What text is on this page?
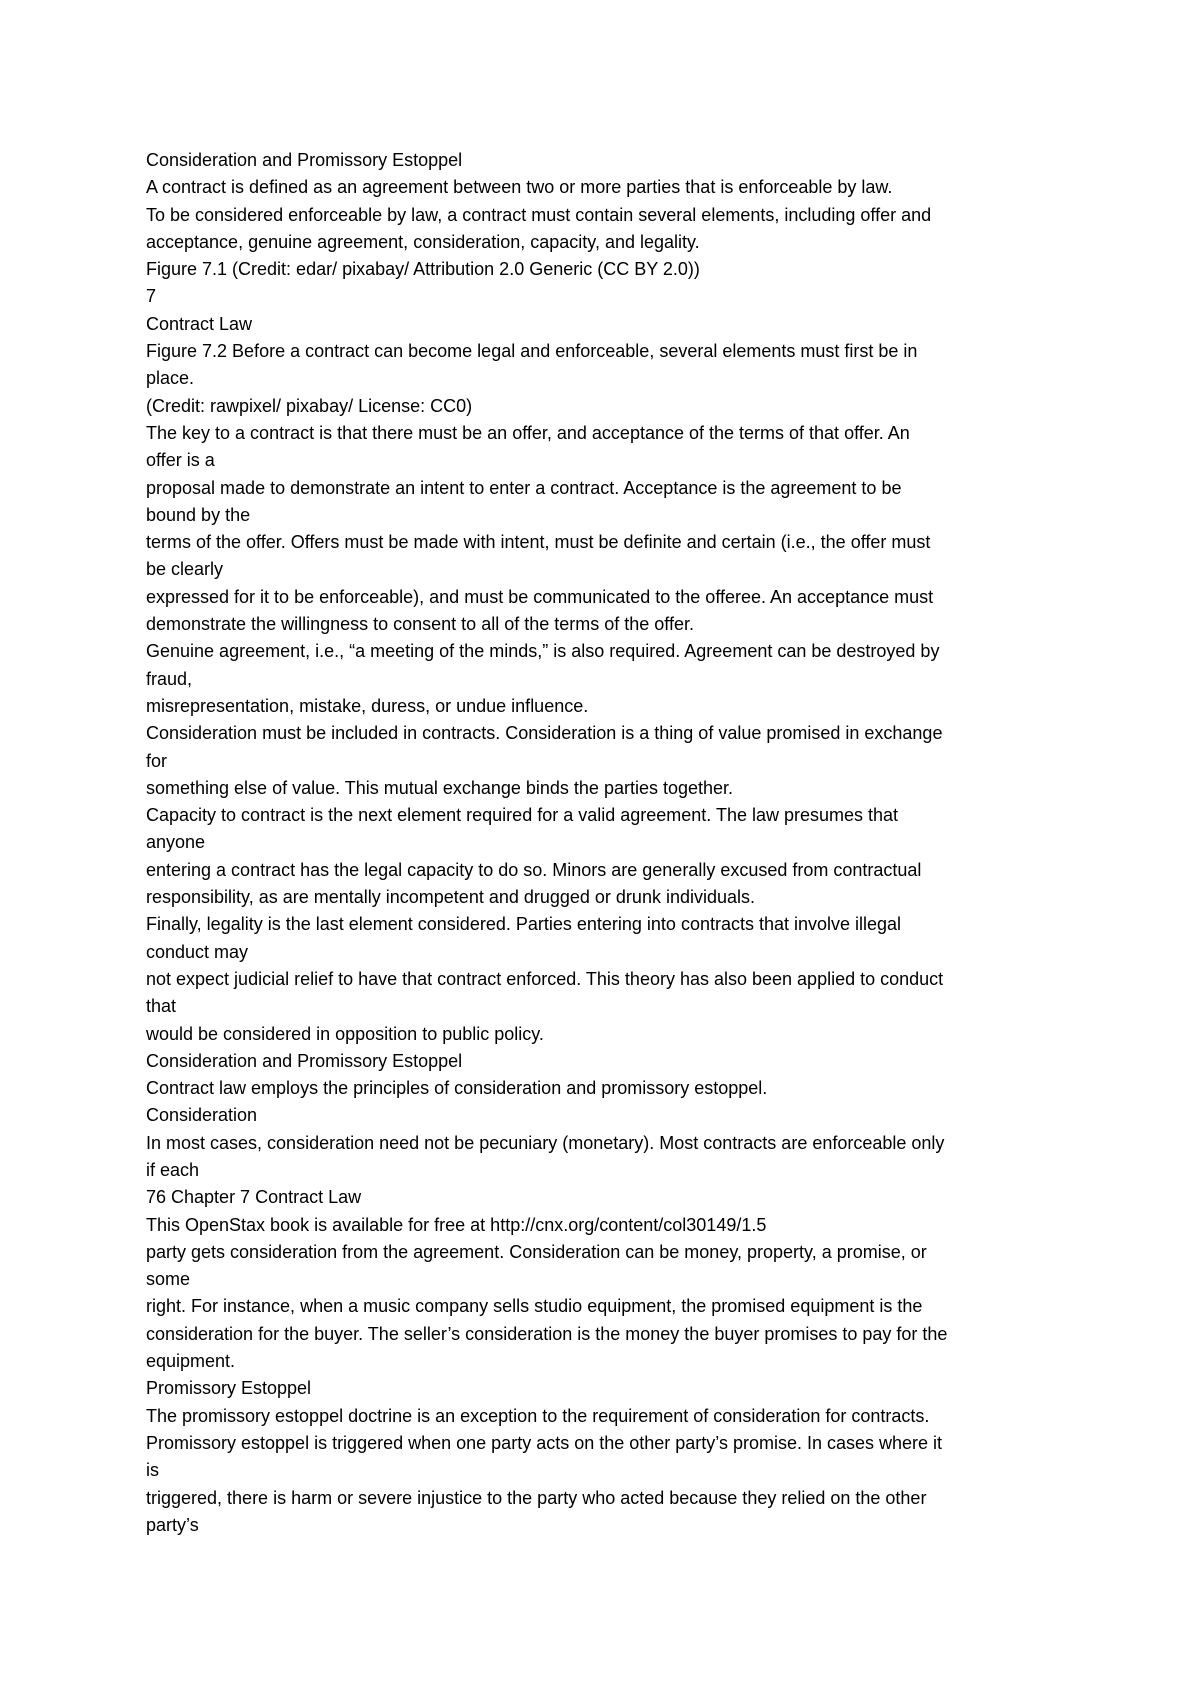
Consideration and Promissory Estoppel
A contract is defined as an agreement between two or more parties that is enforceable by law.
To be considered enforceable by law, a contract must contain several elements, including offer and
acceptance, genuine agreement, consideration, capacity, and legality.
Figure 7.1 (Credit: edar/ pixabay/ Attribution 2.0 Generic (CC BY 2.0))
7
Contract Law
Figure 7.2 Before a contract can become legal and enforceable, several elements must first be in
place.
(Credit: rawpixel/ pixabay/ License: CC0)
The key to a contract is that there must be an offer, and acceptance of the terms of that offer. An
offer is a
proposal made to demonstrate an intent to enter a contract. Acceptance is the agreement to be
bound by the
terms of the offer. Offers must be made with intent, must be definite and certain (i.e., the offer must
be clearly
expressed for it to be enforceable), and must be communicated to the offeree. An acceptance must
demonstrate the willingness to consent to all of the terms of the offer.
Genuine agreement, i.e., “a meeting of the minds,” is also required. Agreement can be destroyed by
fraud,
misrepresentation, mistake, duress, or undue influence.
Consideration must be included in contracts. Consideration is a thing of value promised in exchange
for
something else of value. This mutual exchange binds the parties together.
Capacity to contract is the next element required for a valid agreement. The law presumes that
anyone
entering a contract has the legal capacity to do so. Minors are generally excused from contractual
responsibility, as are mentally incompetent and drugged or drunk individuals.
Finally, legality is the last element considered. Parties entering into contracts that involve illegal
conduct may
not expect judicial relief to have that contract enforced. This theory has also been applied to conduct
that
would be considered in opposition to public policy.
Consideration and Promissory Estoppel
Contract law employs the principles of consideration and promissory estoppel.
Consideration
In most cases, consideration need not be pecuniary (monetary). Most contracts are enforceable only
if each
76 Chapter 7 Contract Law
This OpenStax book is available for free at http://cnx.org/content/col30149/1.5
party gets consideration from the agreement. Consideration can be money, property, a promise, or
some
right. For instance, when a music company sells studio equipment, the promised equipment is the
consideration for the buyer. The seller’s consideration is the money the buyer promises to pay for the
equipment.
Promissory Estoppel
The promissory estoppel doctrine is an exception to the requirement of consideration for contracts.
Promissory estoppel is triggered when one party acts on the other party’s promise. In cases where it
is
triggered, there is harm or severe injustice to the party who acted because they relied on the other
party’s
